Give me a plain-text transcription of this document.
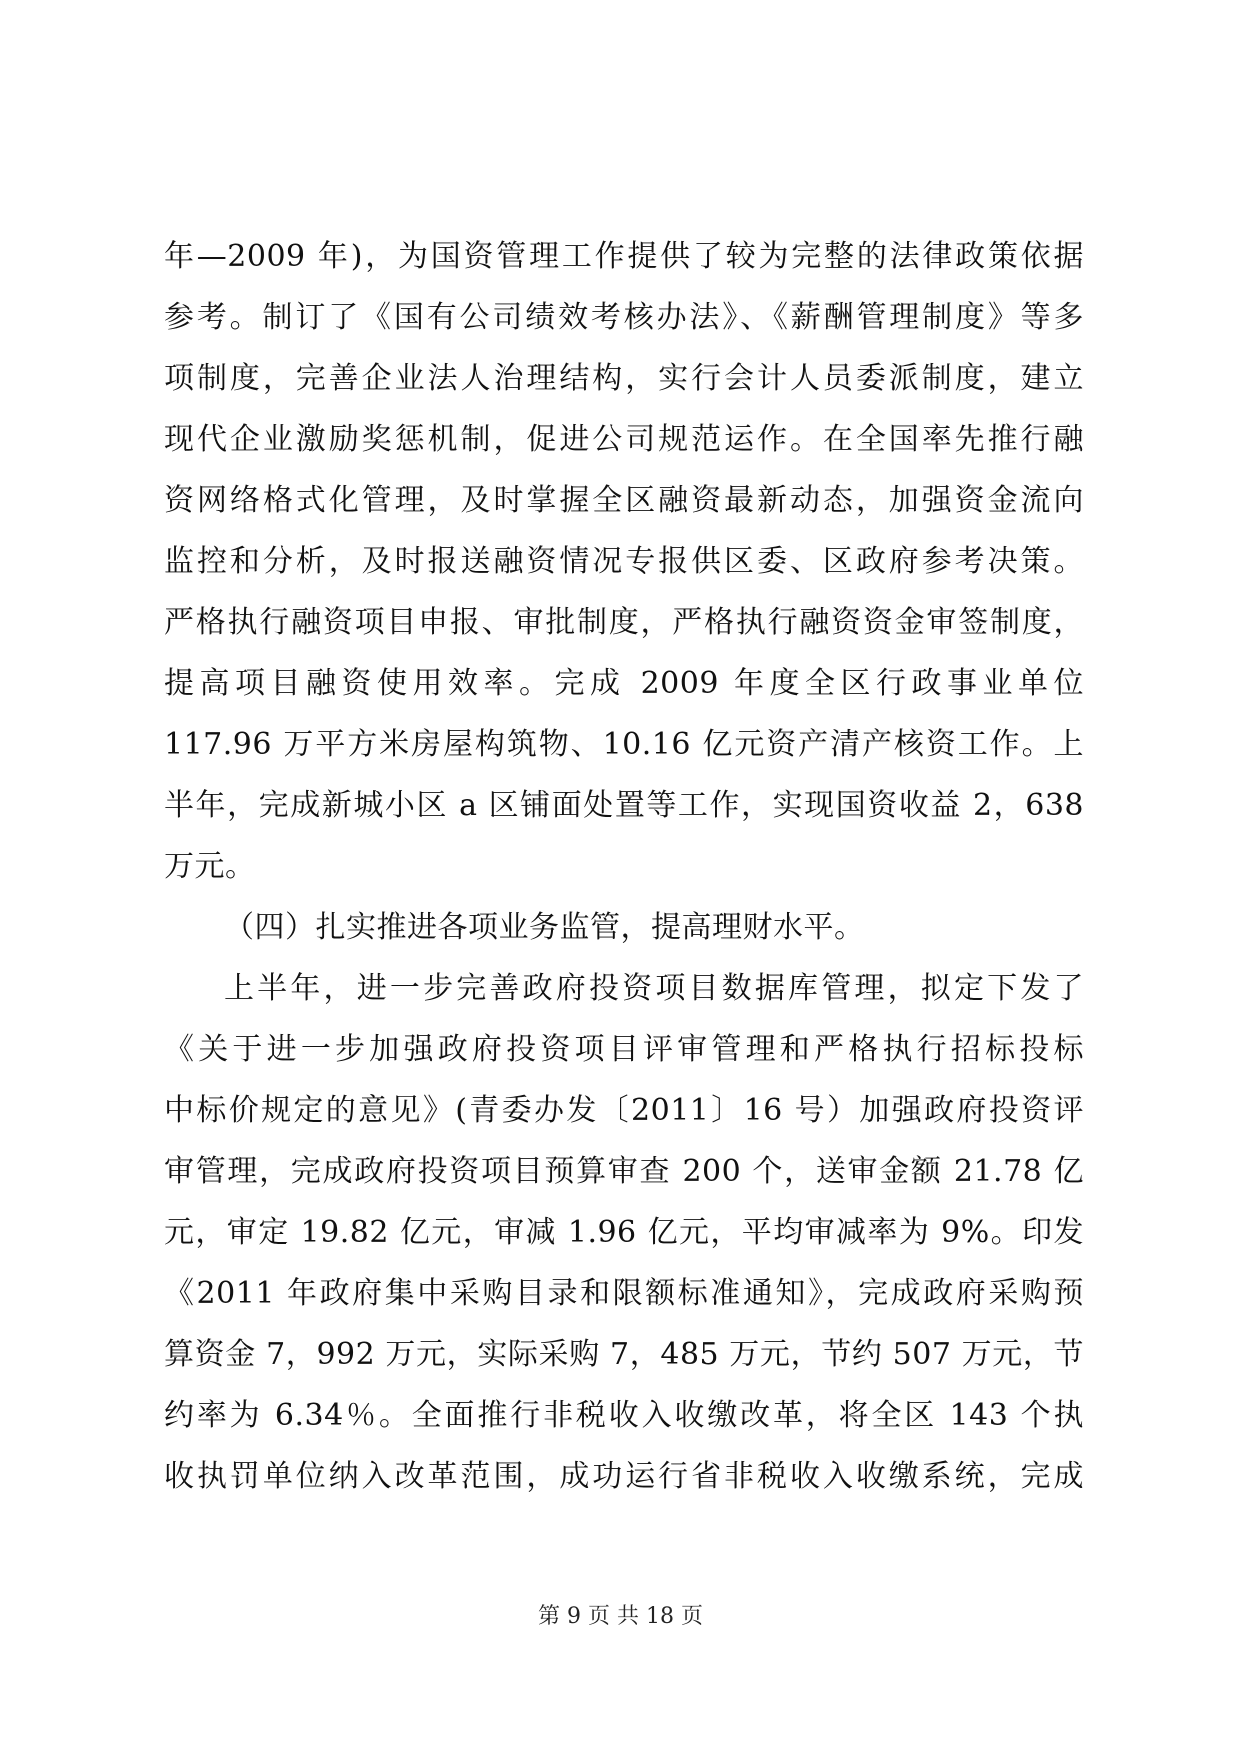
年—2009 年)，为国资管理工作提供了较为完整的法律政策依据
参考。制订了《国有公司绩效考核办法》、《薪酬管理制度》等多
项制度，完善企业法人治理结构，实行会计人员委派制度，建立
现代企业激励奖惩机制，促进公司规范运作。在全国率先推行融
资网络格式化管理，及时掌握全区融资最新动态，加强资金流向
监控和分析，及时报送融资情况专报供区委、区政府参考决策。
严格执行融资项目申报、审批制度，严格执行融资资金审签制度，
提高项目融资使用效率。完成 2009 年度全区行政事业单位
117.96 万平方米房屋构筑物、10.16 亿元资产清产核资工作。上
半年，完成新城小区 a 区铺面处置等工作，实现国资收益 2，638
万元。
（四）扎实推进各项业务监管，提高理财水平。
上半年，进一步完善政府投资项目数据库管理，拟定下发了
《关于进一步加强政府投资项目评审管理和严格执行招标投标
中标价规定的意见》(青委办发〔2011〕16 号）加强政府投资评
审管理，完成政府投资项目预算审查 200 个，送审金额 21.78 亿
元，审定 19.82 亿元，审减 1.96 亿元，平均审减率为 9%。印发
《2011 年政府集中采购目录和限额标准通知》，完成政府采购预
算资金 7，992 万元，实际采购 7，485 万元，节约 507 万元，节
约率为 6.34％。全面推行非税收入收缴改革，将全区 143 个执
收执罚单位纳入改革范围，成功运行省非税收入收缴系统，完成
第 9 页 共 18 页
